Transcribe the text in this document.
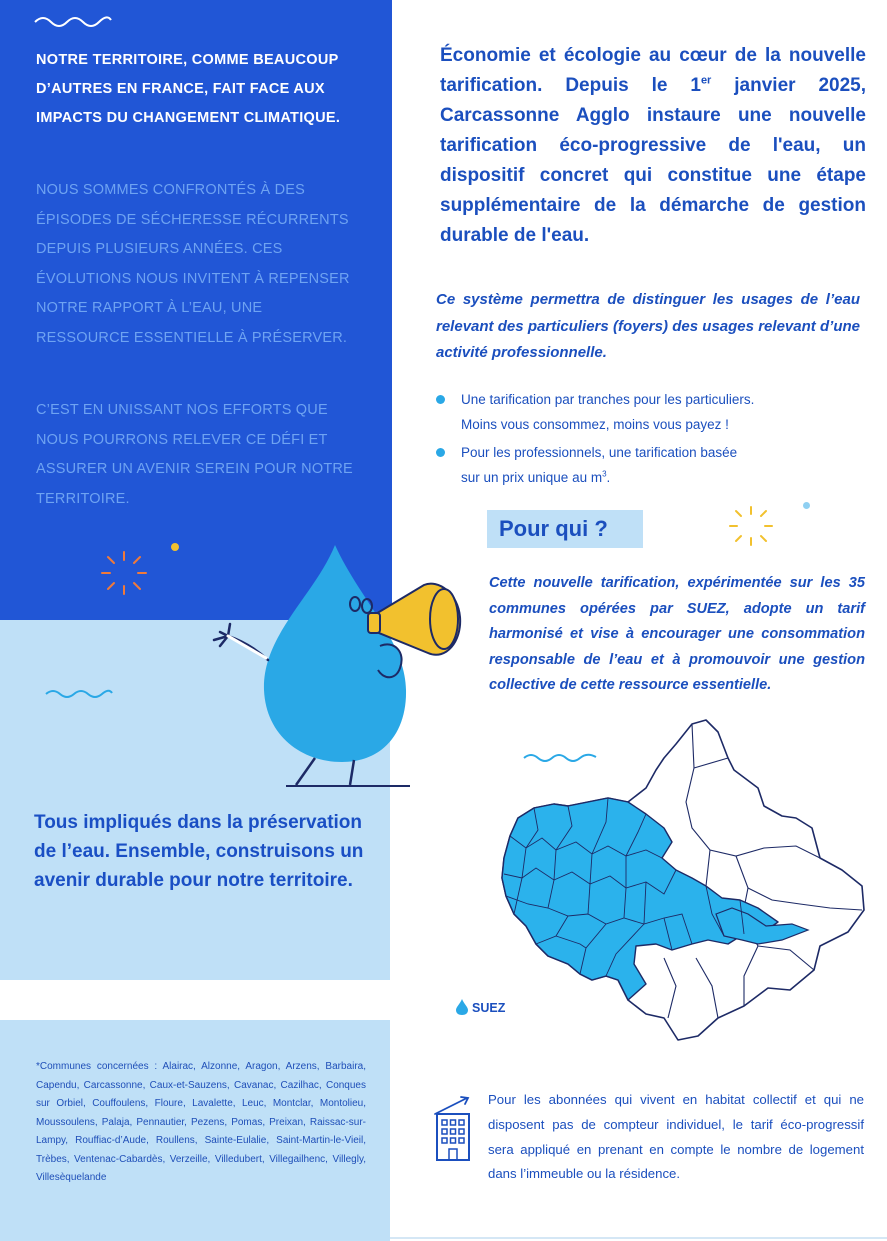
NOTRE TERRITOIRE, COMME BEAUCOUP D’AUTRES EN FRANCE, FAIT FACE AUX IMPACTS DU CHANGEMENT CLIMATIQUE.
NOUS SOMMES CONFRONTÉS À DES ÉPISODES DE SÉCHERESSE RÉCURRENTS DEPUIS PLUSIEURS ANNÉES. CES ÉVOLUTIONS NOUS INVITENT À REPENSER NOTRE RAPPORT À L’EAU, UNE RESSOURCE ESSENTIELLE À PRÉSERVER.
C’EST EN UNISSANT NOS EFFORTS QUE NOUS POURRONS RELEVER CE DÉFI ET ASSURER UN AVENIR SEREIN POUR NOTRE TERRITOIRE.
Tous impliqués dans la préservation de l’eau. Ensemble, construisons un avenir durable pour notre territoire.
*Communes concernées : Alairac, Alzonne, Aragon, Arzens, Barbaira, Capendu, Carcassonne, Caux-et-Sauzens, Cavanac, Cazilhac, Conques sur Orbiel, Couffoulens, Floure, Lavalette, Leuc, Montclar, Montolieu, Moussoulens, Palaja, Pennautier, Pezens, Pomas, Preixan, Raissac-sur-Lampy, Rouffiac-d’Aude, Roullens, Sainte-Eulalie, Saint-Martin-le-Vieil, Trèbes, Ventenac-Cabardès, Verzeille, Villedubert, Villegailhenc, Villegly, Villesèquelande
Économie et écologie au cœur de la nouvelle tarification. Depuis le 1er janvier 2025, Carcassonne Agglo instaure une nouvelle tarification éco-progressive de l'eau, un dispositif concret qui constitue une étape supplémentaire de la démarche de gestion durable de l'eau.
Ce système permettra de distinguer les usages de l’eau relevant des particuliers (foyers) des usages relevant d’une activité professionnelle.
Une tarification par tranches pour les particuliers.
Moins vous consommez, moins vous payez !
Pour les professionnels, une tarification basée
sur un prix unique au $m^3$.
Pour qui ?
Cette nouvelle tarification, expérimentée sur les 35 communes opérées par SUEZ, adopte un tarif harmonisé et vise à encourager une consommation responsable de l’eau et à promouvoir une gestion collective de cette ressource essentielle.
SUEZ
Pour les abonnées qui vivent en habitat collectif et qui ne disposent pas de compteur individuel, le tarif éco-progressif sera appliqué en prenant en compte le nombre de logement dans l’immeuble ou la résidence.
